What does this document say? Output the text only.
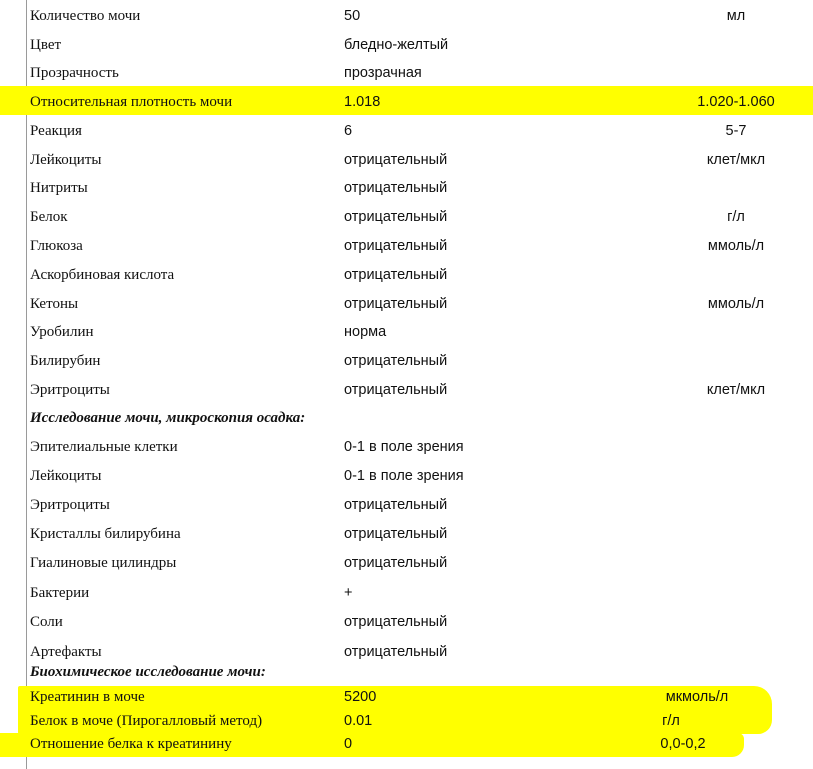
Количество мочи	50	мл
Цвет	бледно-желтый
Прозрачность	прозрачная
Относительная плотность мочи	1.018	1.020-1.060
Реакция	6	5-7
Лейкоциты	отрицательный	клет/мкл
Нитриты	отрицательный
Белок	отрицательный	г/л
Глюкоза	отрицательный	ммоль/л
Аскорбиновая кислота	отрицательный
Кетоны	отрицательный	ммоль/л
Уробилин	норма
Билирубин	отрицательный
Эритроциты	отрицательный	клет/мкл
Исследование мочи, микроскопия осадка:
Эпителиальные клетки	0-1 в поле зрения
Лейкоциты	0-1 в поле зрения
Эритроциты	отрицательный
Кристаллы билирубина	отрицательный
Гиалиновые цилиндры	отрицательный
Бактерии	+
Соли	отрицательный
Артефакты	отрицательный
Биохимическое исследование мочи:
Креатинин в моче	5200	мкмоль/л
Белок в моче (Пирогалловый метод)	0.01	г/л
Отношение белка к креатинину	0	0,0-0,2
